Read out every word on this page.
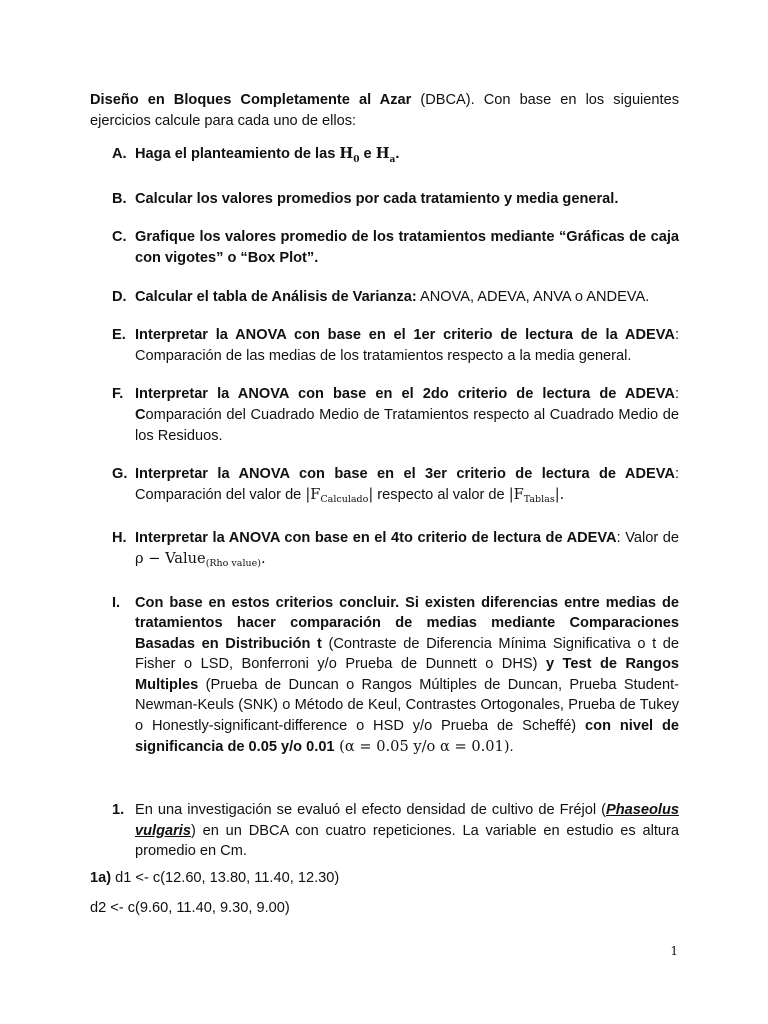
Diseño en Bloques Completamente al Azar (DBCA). Con base en los siguientes ejercicios calcule para cada uno de ellos:

A. Haga el planteamiento de las $H_0$ e $H_a$.
B. Calcular los valores promedios por cada tratamiento y media general.
C. Grafique los valores promedio de los tratamientos mediante “Gráficas de caja con vigotes” o “Box Plot”.
D. Calcular el tabla de Análisis de Varianza: ANOVA, ADEVA, ANVA o ANDEVA.
E. Interpretar la ANOVA con base en el 1er criterio de lectura de la ADEVA: Comparación de las medias de los tratamientos respecto a la media general.
F. Interpretar la ANOVA con base en el 2do criterio de lectura de ADEVA: Comparación del Cuadrado Medio de Tratamientos respecto al Cuadrado Medio de los Residuos.
G. Interpretar la ANOVA con base en el 3er criterio de lectura de ADEVA: Comparación del valor de $|F_{Calculado}|$ respecto al valor de $|F_{Tablas}|$.
H. Interpretar la ANOVA con base en el 4to criterio de lectura de ADEVA: Valor de ρ − Value$_{(Rho value)}$.
I.	Con base en estos criterios concluir. Si existen diferencias entre medias de tratamientos hacer comparación de medias mediante Comparaciones Basadas en Distribución t (Contraste de Diferencia Mínima Significativa o t de Fisher o LSD, Bonferroni y/o Prueba de Dunnett o DHS) y Test de Rangos Multiples (Prueba de Duncan o Rangos Múltiples de Duncan, Prueba Student-Newman-Keuls (SNK) o Método de Keul, Contrastes Ortogonales, Prueba de Tukey o Honestly-significant-difference o HSD y/o Prueba de Scheffé) con nivel de significancia de 0.05 y/o 0.01 (α = 0.05 y/o α = 0.01).
1. En una investigación se evaluó el efecto densidad de cultivo de Fréjol (Phaseolus vulgaris) en un DBCA con cuatro repeticiones. La variable en estudio es altura promedio en Cm.

1a) d1 <- c(12.60, 13.80, 11.40, 12.30)

d2 <- c(9.60, 11.40, 9.30, 9.00)

1
